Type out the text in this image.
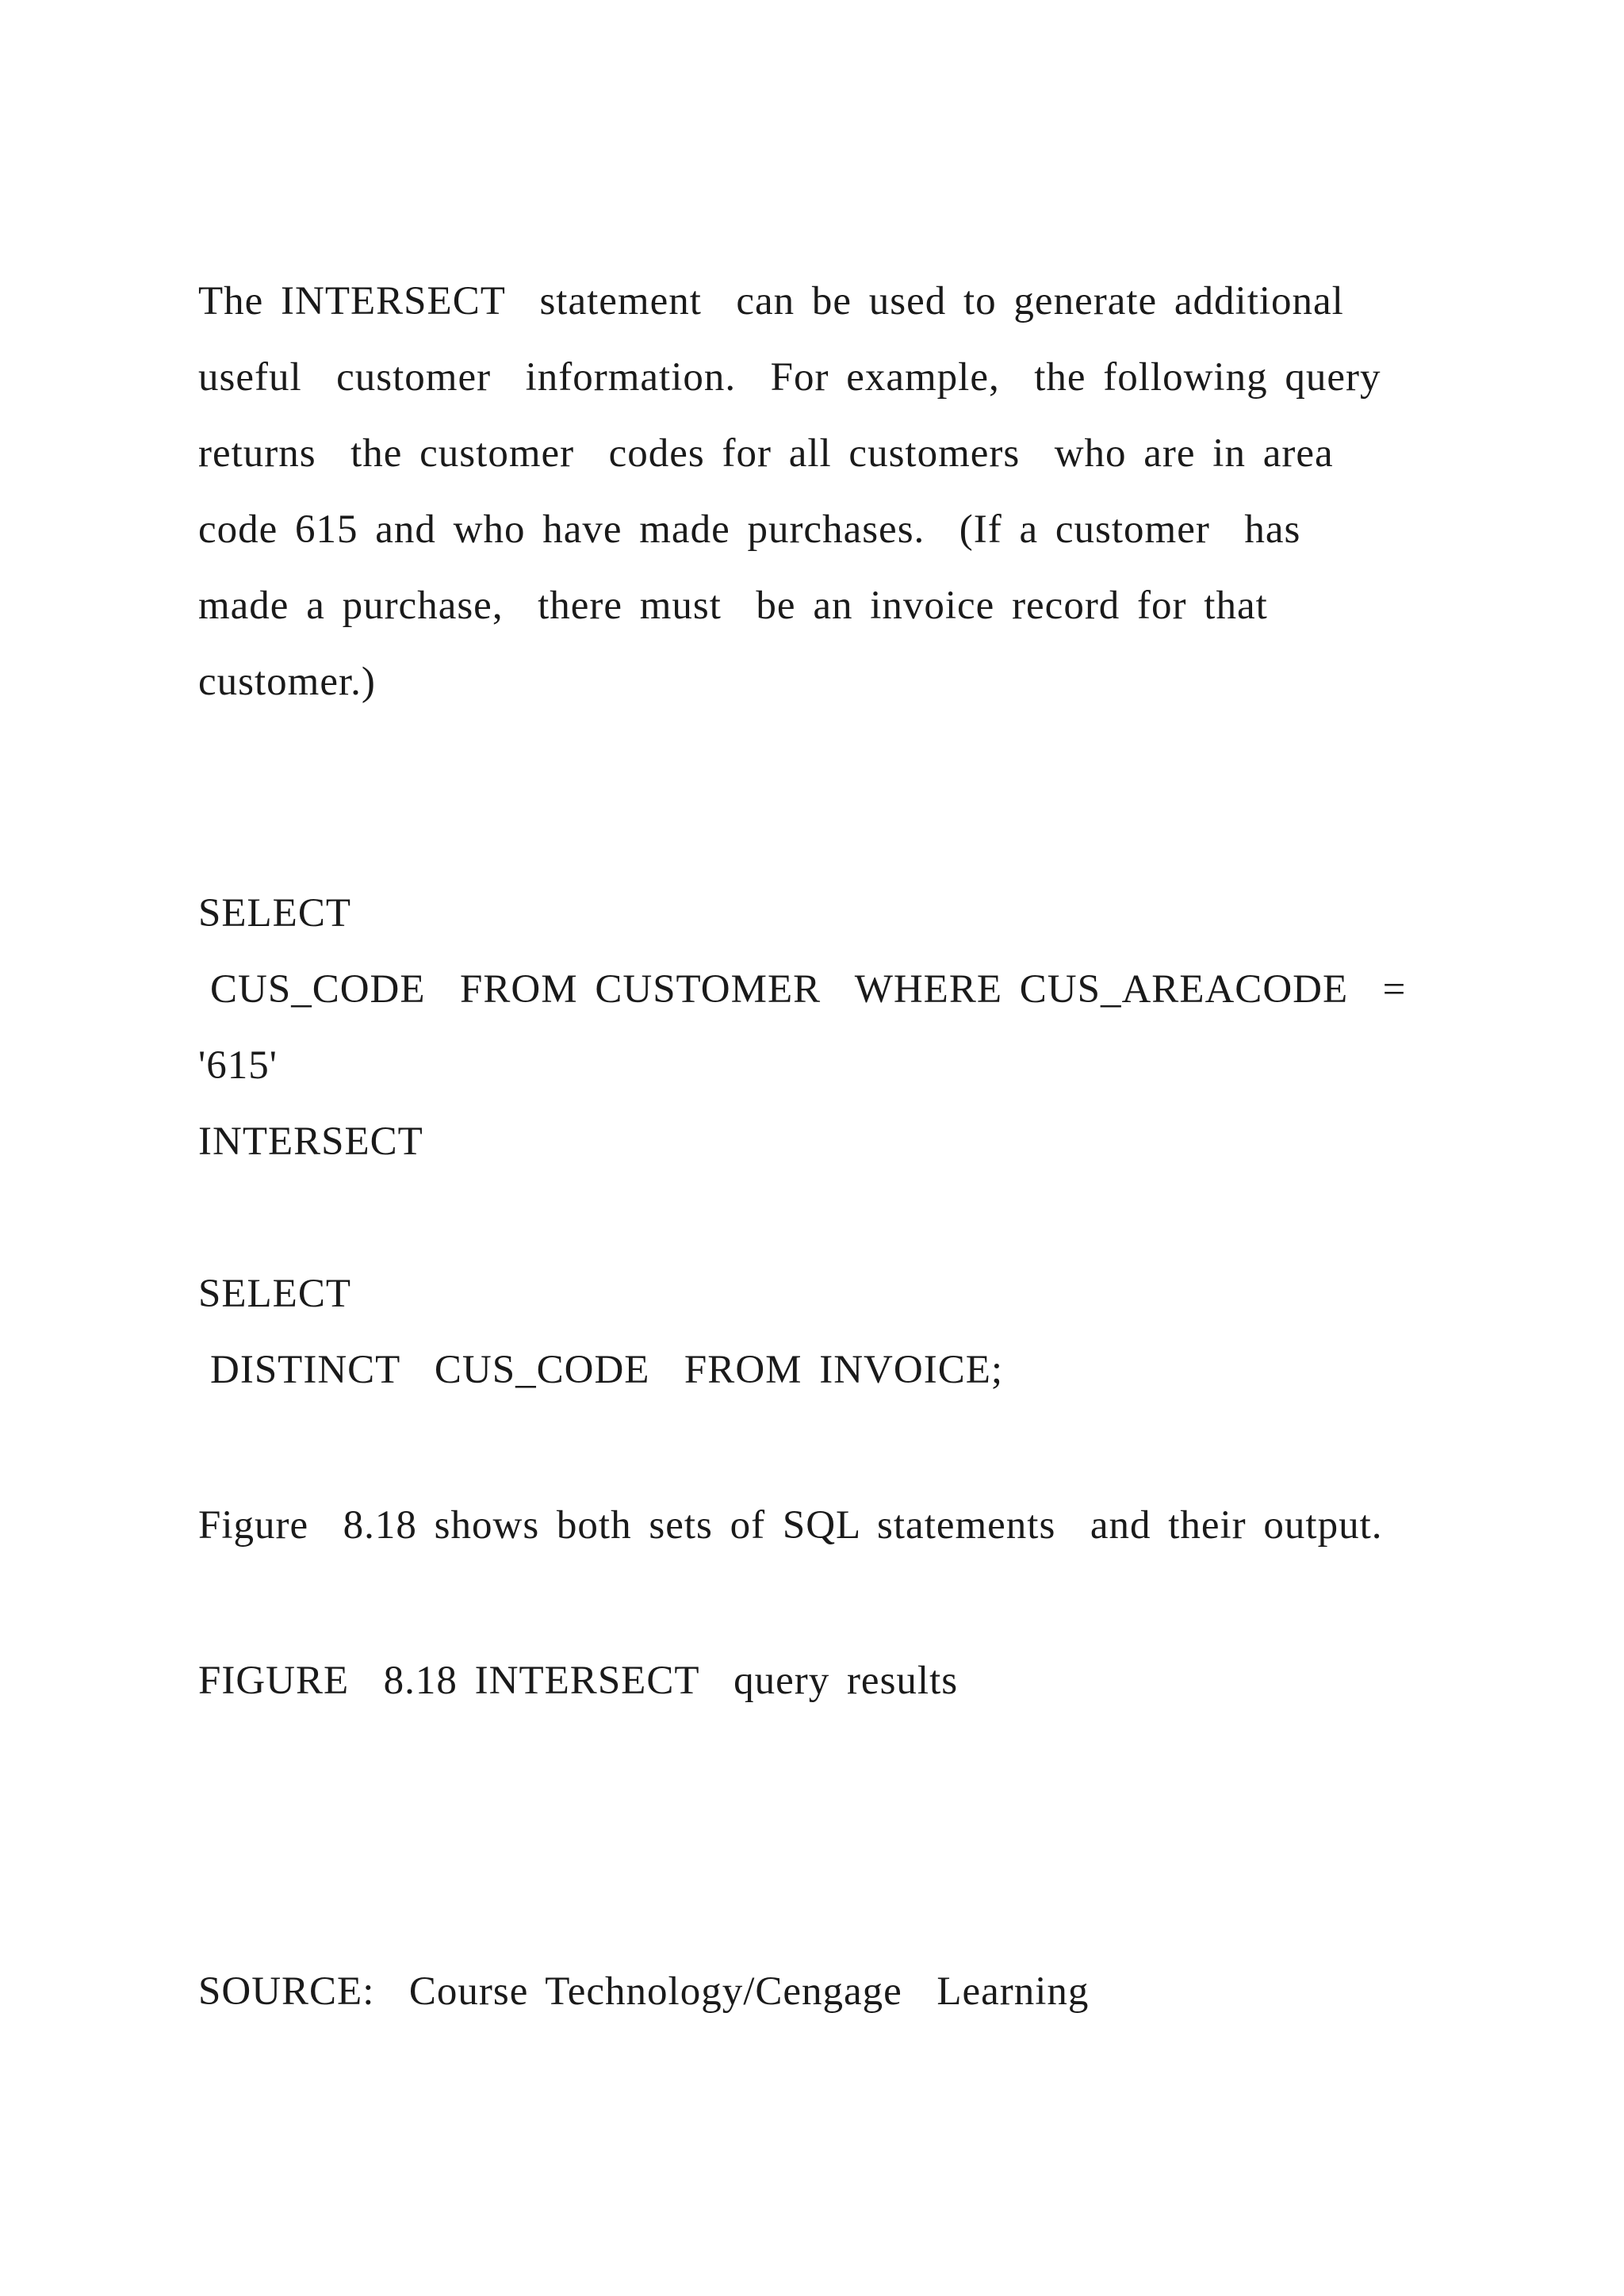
The INTERSECT  statement  can be used to generate additional
useful  customer  information.  For example,  the following query
returns  the customer  codes for all customers  who are in area
code 615 and who have made purchases.  (If a customer  has
made a purchase,  there must  be an invoice record for that
customer.)
SELECT
CUS_CODE  FROM CUSTOMER  WHERE CUS_AREACODE  =
'615'
INTERSECT
SELECT
DISTINCT  CUS_CODE  FROM INVOICE;
Figure  8.18 shows both sets of SQL statements  and their output.
FIGURE  8.18 INTERSECT  query results
SOURCE:  Course Technology/Cengage  Learning
